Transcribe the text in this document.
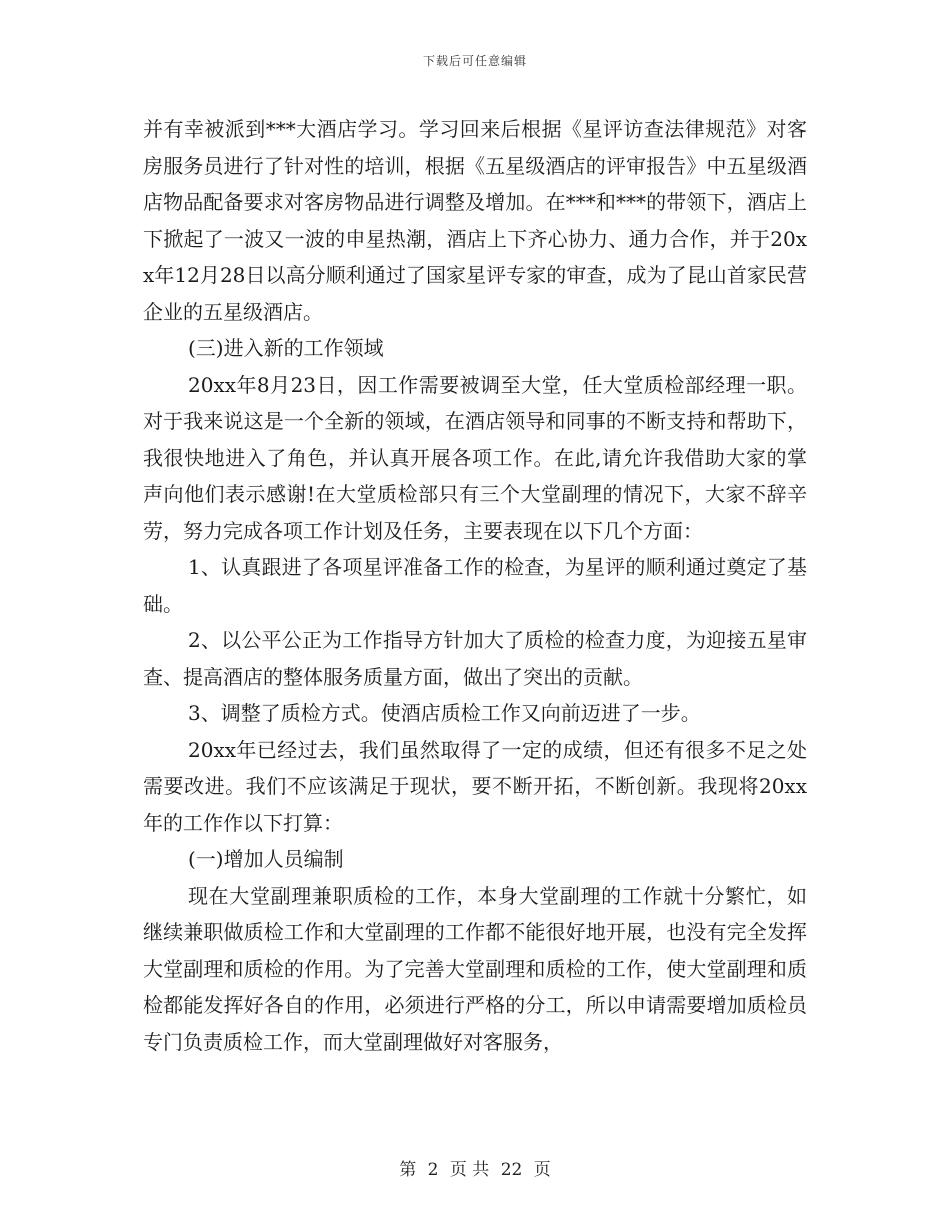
下载后可任意编辑

并有幸被派到***大酒店学习。学习回来后根据《星评访查法律规范》对客房服务员进行了针对性的培训，根据《五星级酒店的评审报告》中五星级酒店物品配备要求对客房物品进行调整及增加。在***和***的带领下，酒店上下掀起了一波又一波的申星热潮，酒店上下齐心协力、通力合作，并于20xx年12月28日以高分顺利通过了国家星评专家的审查，成为了昆山首家民营企业的五星级酒店。

(三)进入新的工作领域

20xx年8月23日，因工作需要被调至大堂，任大堂质检部经理一职。对于我来说这是一个全新的领域，在酒店领导和同事的不断支持和帮助下，我很快地进入了角色，并认真开展各项工作。在此,请允许我借助大家的掌声向他们表示感谢!在大堂质检部只有三个大堂副理的情况下，大家不辞辛劳，努力完成各项工作计划及任务，主要表现在以下几个方面：

1、认真跟进了各项星评准备工作的检查，为星评的顺利通过奠定了基础。

2、以公平公正为工作指导方针加大了质检的检查力度，为迎接五星审查、提高酒店的整体服务质量方面，做出了突出的贡献。

3、调整了质检方式。使酒店质检工作又向前迈进了一步。

20xx年已经过去，我们虽然取得了一定的成绩，但还有很多不足之处需要改进。我们不应该满足于现状，要不断开拓，不断创新。我现将20xx年的工作作以下打算：

(一)增加人员编制

现在大堂副理兼职质检的工作，本身大堂副理的工作就十分繁忙，如继续兼职做质检工作和大堂副理的工作都不能很好地开展，也没有完全发挥大堂副理和质检的作用。为了完善大堂副理和质检的工作，使大堂副理和质检都能发挥好各自的作用，必须进行严格的分工，所以申请需要增加质检员专门负责质检工作，而大堂副理做好对客服务，

第 2 页 共 22 页
